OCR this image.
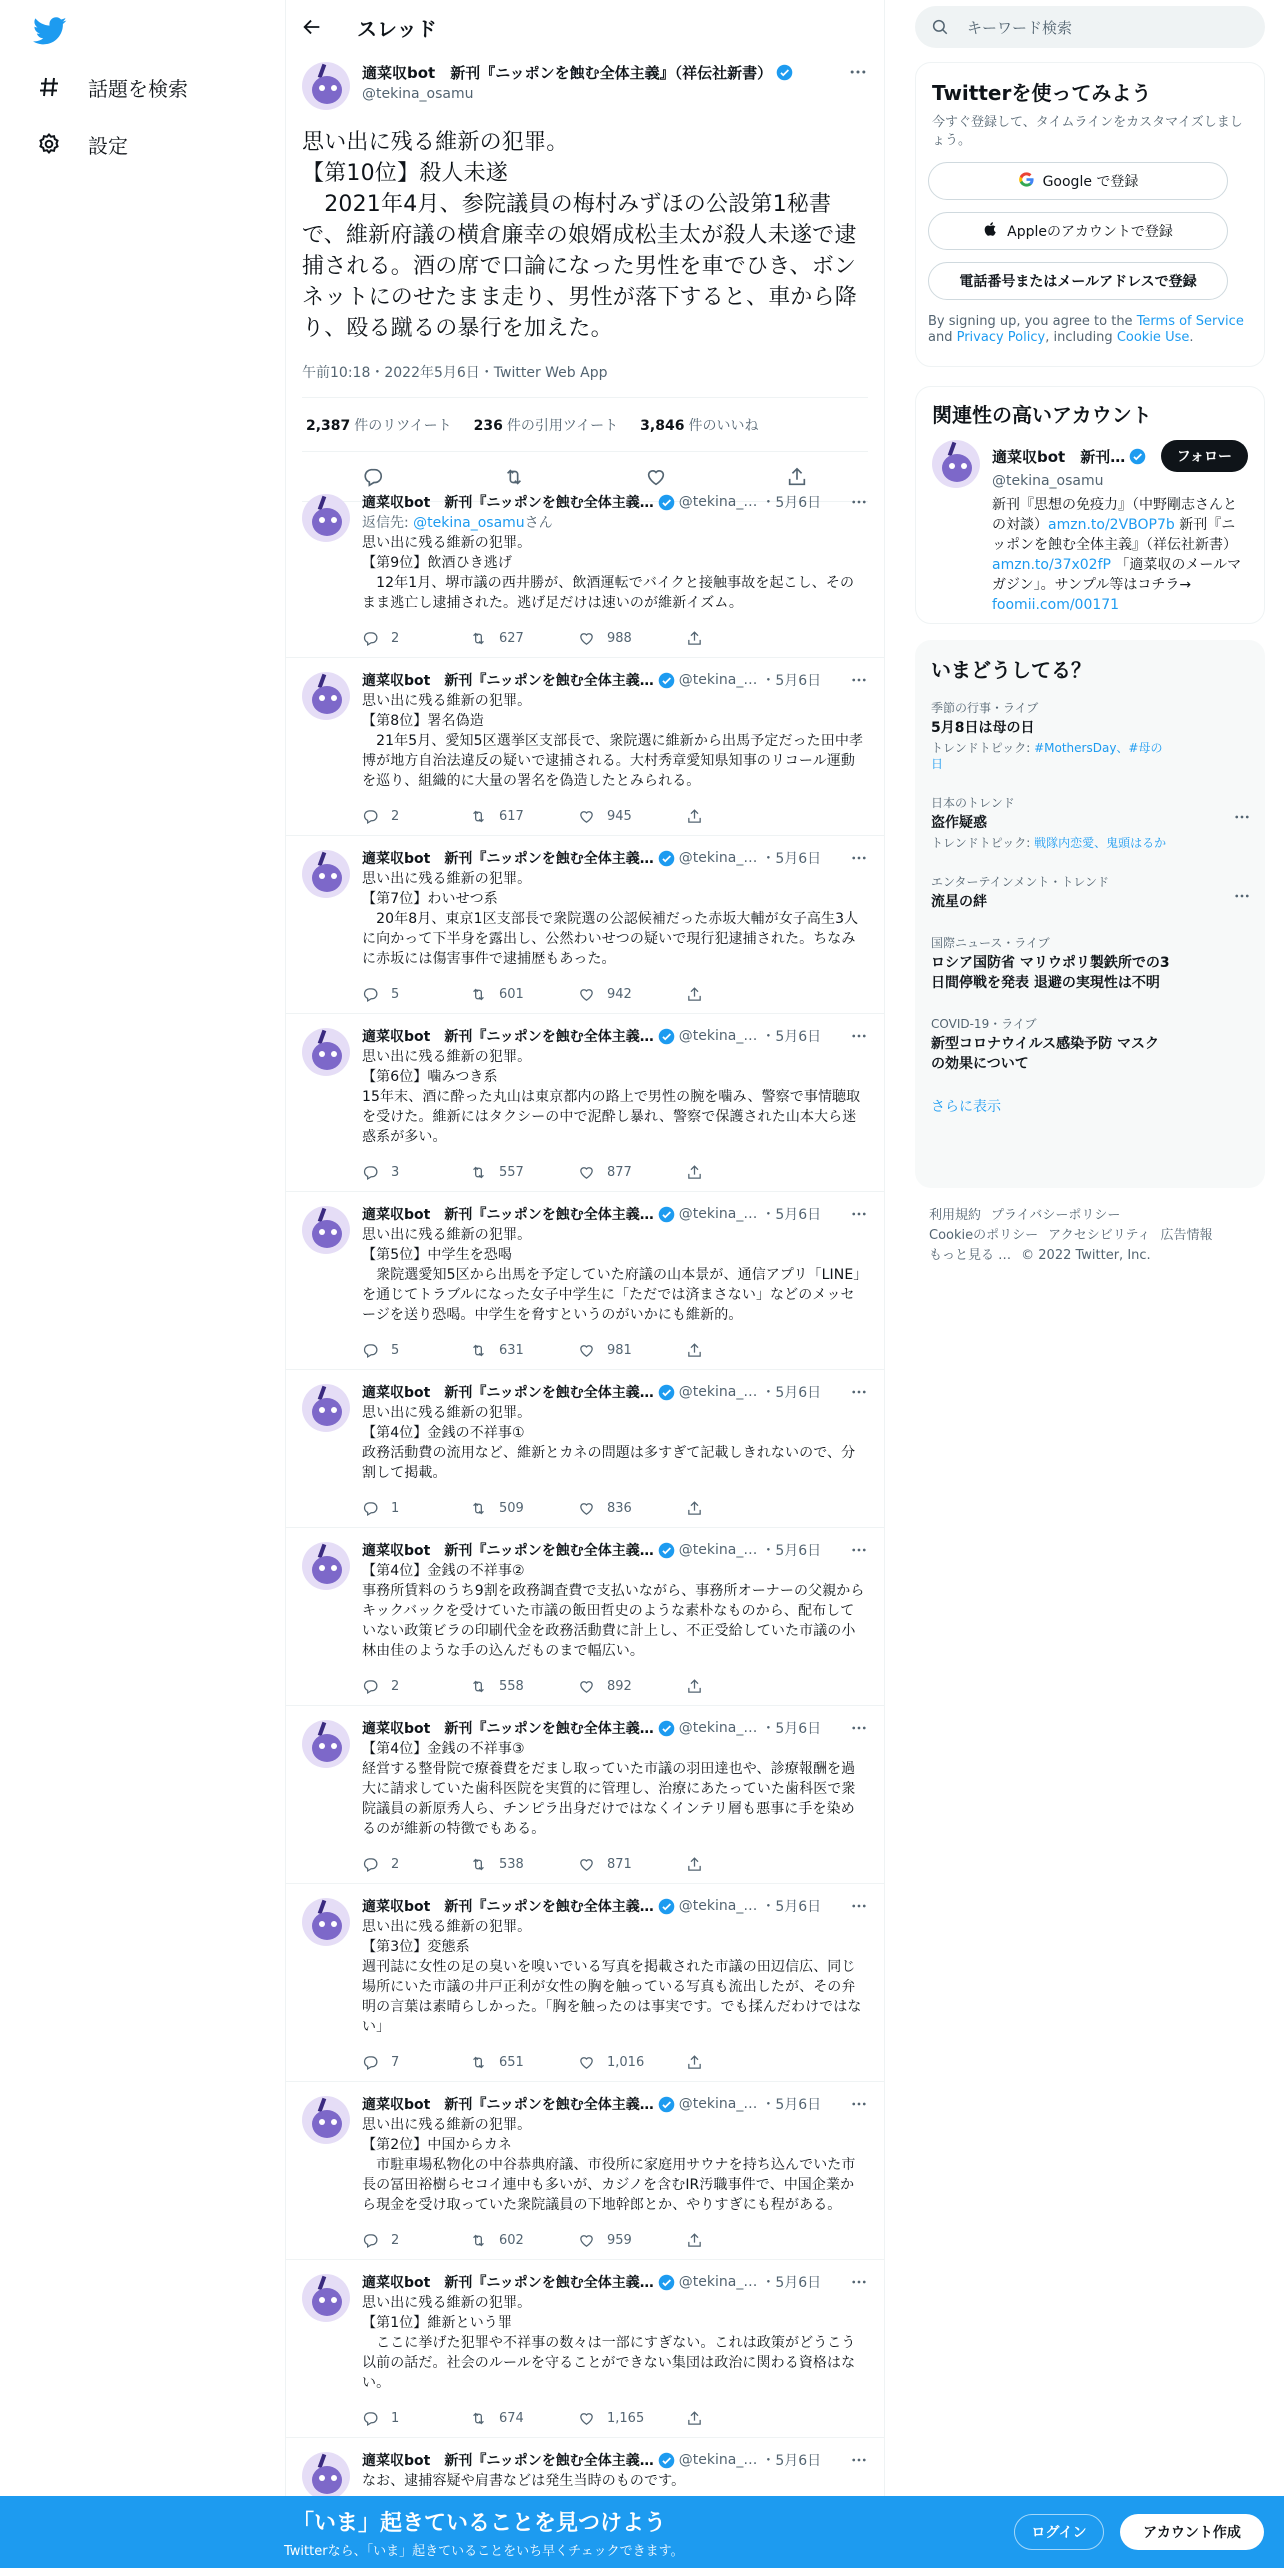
話題を検索
設定
スレッド
適菜収bot　新刊『ニッポンを蝕む全体主義』（祥伝社新書）
@tekina_osamu
思い出に残る維新の犯罪。
【第10位】殺人未遂
　2021年4月、参院議員の梅村みずほの公設第1秘書で、維新府議の横倉廉幸の娘婿成松圭太が殺人未遂で逮捕される。酒の席で口論になった男性を車でひき、ボンネットにのせたまま走り、男性が落下すると、車から降り、殴る蹴るの暴行を加えた。
午前10:18・2022年5月6日・Twitter Web App
2,387 件のリツイート 236 件の引用ツイート 3,846 件のいいね
適菜収bot　新刊『ニッポンを蝕む全体主義… @tekina_… ・5月6日
返信先: @tekina_osamuさん
思い出に残る維新の犯罪。
【第9位】飲酒ひき逃げ
　12年1月、堺市議の西井勝が、飲酒運転でバイクと接触事故を起こし、そのまま逃亡し逮捕された。逃げ足だけは速いのが維新イズム。
2	627	988
適菜収bot　新刊『ニッポンを蝕む全体主義… @tekina_… ・5月6日
思い出に残る維新の犯罪。
【第8位】署名偽造
　21年5月、愛知5区選挙区支部長で、衆院選に維新から出馬予定だった田中孝博が地方自治法違反の疑いで逮捕される。大村秀章愛知県知事のリコール運動を巡り、組織的に大量の署名を偽造したとみられる。
2	617	945
適菜収bot　新刊『ニッポンを蝕む全体主義… @tekina_… ・5月6日
思い出に残る維新の犯罪。
【第7位】わいせつ系
　20年8月、東京1区支部長で衆院選の公認候補だった赤坂大輔が女子高生3人に向かって下半身を露出し、公然わいせつの疑いで現行犯逮捕された。ちなみに赤坂には傷害事件で逮捕歴もあった。
5	601	942
適菜収bot　新刊『ニッポンを蝕む全体主義… @tekina_… ・5月6日
思い出に残る維新の犯罪。
【第6位】噛みつき系
15年末、酒に酔った丸山は東京都内の路上で男性の腕を噛み、警察で事情聴取を受けた。維新にはタクシーの中で泥酔し暴れ、警察で保護された山本大ら迷惑系が多い。
3	557	877
適菜収bot　新刊『ニッポンを蝕む全体主義… @tekina_… ・5月6日
思い出に残る維新の犯罪。
【第5位】中学生を恐喝
　衆院選愛知5区から出馬を予定していた府議の山本景が、通信アプリ「LINE」を通じてトラブルになった女子中学生に「ただでは済まさない」などのメッセージを送り恐喝。中学生を脅すというのがいかにも維新的。
5	631	981
適菜収bot　新刊『ニッポンを蝕む全体主義… @tekina_… ・5月6日
思い出に残る維新の犯罪。
【第4位】金銭の不祥事①
政務活動費の流用など、維新とカネの問題は多すぎて記載しきれないので、分割して掲載。
1	509	836
適菜収bot　新刊『ニッポンを蝕む全体主義… @tekina_… ・5月6日
【第4位】金銭の不祥事②
事務所賃料のうち9割を政務調査費で支払いながら、事務所オーナーの父親からキックバックを受けていた市議の飯田哲史のような素朴なものから、配布していない政策ビラの印刷代金を政務活動費に計上し、不正受給していた市議の小林由佳のような手の込んだものまで幅広い。
2	558	892
適菜収bot　新刊『ニッポンを蝕む全体主義… @tekina_… ・5月6日
【第4位】金銭の不祥事③
経営する整骨院で療養費をだまし取っていた市議の羽田達也や、診療報酬を過大に請求していた歯科医院を実質的に管理し、治療にあたっていた歯科医で衆院議員の新原秀人ら、チンピラ出身だけではなくインテリ層も悪事に手を染めるのが維新の特徴でもある。
2	538	871
適菜収bot　新刊『ニッポンを蝕む全体主義… @tekina_… ・5月6日
思い出に残る維新の犯罪。
【第3位】変態系
週刊誌に女性の足の臭いを嗅いでいる写真を掲載された市議の田辺信広、同じ場所にいた市議の井戸正利が女性の胸を触っている写真も流出したが、その弁明の言葉は素晴らしかった。「胸を触ったのは事実です。でも揉んだわけではない」
7	651	1,016
適菜収bot　新刊『ニッポンを蝕む全体主義… @tekina_… ・5月6日
思い出に残る維新の犯罪。
【第2位】中国からカネ
　市駐車場私物化の中谷恭典府議、市役所に家庭用サウナを持ち込んでいた市長の冨田裕樹らセコイ連中も多いが、カジノを含むIR汚職事件で、中国企業から現金を受け取っていた衆院議員の下地幹郎とか、やりすぎにも程がある。
2	602	959
適菜収bot　新刊『ニッポンを蝕む全体主義… @tekina_… ・5月6日
思い出に残る維新の犯罪。
【第1位】維新という罪
　ここに挙げた犯罪や不祥事の数々は一部にすぎない。これは政策がどうこう以前の話だ。社会のルールを守ることができない集団は政治に関わる資格はない。
1	674	1,165
適菜収bot　新刊『ニッポンを蝕む全体主義… @tekina_… ・5月6日
なお、逮捕容疑や肩書などは発生当時のものです。
キーワード検索
Twitterを使ってみよう
今すぐ登録して、タイムラインをカスタマイズしましょう。
Google で登録
Appleのアカウントで登録
電話番号またはメールアドレスで登録
By signing up, you agree to the Terms of Service and Privacy Policy, including Cookie Use.
関連性の高いアカウント
適菜収bot　新刊…	フォロー
@tekina_osamu
新刊『思想の免疫力』（中野剛志さんとの対談）amzn.to/2VBOP7b 新刊『ニッポンを蝕む全体主義』（祥伝社新書）amzn.to/37x02fP 「適菜収のメールマガジン」。サンプル等はコチラ→ foomii.com/00171
いまどうしてる？
季節の行事・ライブ
5月8日は母の日
トレンドトピック: #MothersDay、#母の日
日本のトレンド
盗作疑惑
トレンドトピック: 戦隊内恋愛、鬼頭はるか
エンターテインメント・トレンド
流星の絆
国際ニュース・ライブ
ロシア国防省 マリウポリ製鉄所での3日間停戦を発表 退避の実現性は不明
COVID-19・ライブ
新型コロナウイルス感染予防 マスクの効果について
さらに表示
利用規約 プライバシーポリシー
Cookieのポリシー アクセシビリティ 広告情報
もっと見る … © 2022 Twitter, Inc.
「いま」起きていることを見つけよう
Twitterなら、「いま」起きていることをいち早くチェックできます。
ログイン	アカウント作成
